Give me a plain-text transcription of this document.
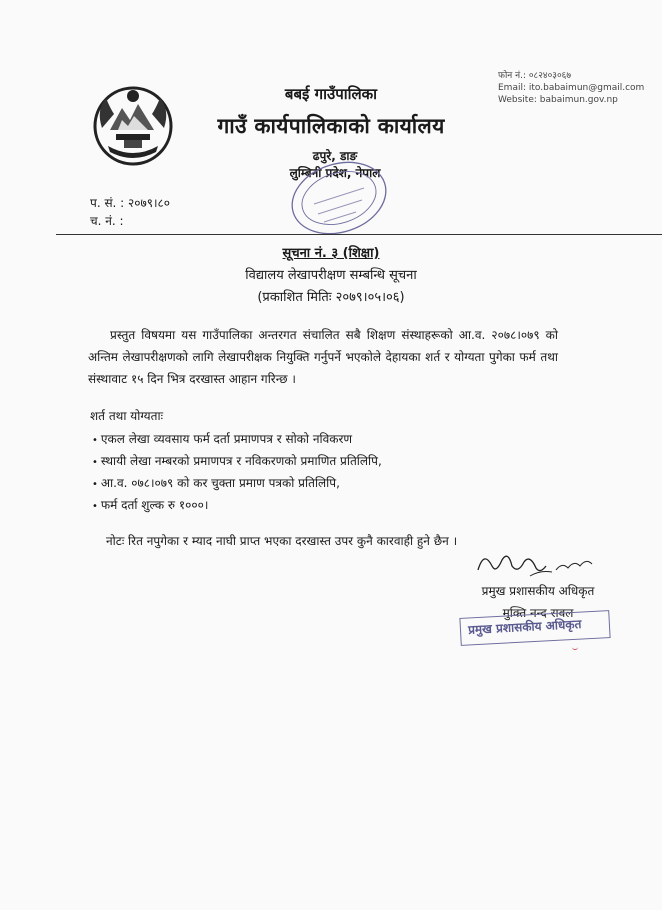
बबई गाउँपालिका
गाउँ कार्यपालिकाको कार्यालय
ढपुरे, डाङ
लुम्बिनी प्रदेश, नेपाल
फोन नं.: ०८२४०३०६७
Email: ito.babaimun@gmail.com
Website: babaimun.gov.np
प. सं. : २०७९।८०
च. नं. :
सूचना नं. ३ (शिक्षा)
विद्यालय लेखापरीक्षण सम्बन्धि सूचना
(प्रकाशित मितिः २०७९।०५।०६)
प्रस्तुत विषयमा यस गाउँपालिका अन्तरगत संचालित सबै शिक्षण संस्थाहरूको आ.व. २०७८।०७९ को अन्तिम लेखापरीक्षणको लागि लेखापरीक्षक नियुक्ति गर्नुपर्ने भएकोले देहायका शर्त र योग्यता पुगेका फर्म तथा संस्थावाट १५ दिन भित्र दरखास्त आहान गरिन्छ ।
शर्त तथा योग्यताः
• एकल लेखा व्यवसाय फर्म दर्ता प्रमाणपत्र र सोको नविकरण
• स्थायी लेखा नम्बरको प्रमाणपत्र र नविकरणको प्रमाणित प्रतिलिपि,
• आ.व. ०७८।०७९ को कर चुक्ता प्रमाण पत्रको प्रतिलिपि,
• फर्म दर्ता शुल्क रु १०००।
नोटः रित नपुगेका र म्याद नाघी प्राप्त भएका दरखास्त उपर कुनै कारवाही हुने छैन ।
प्रमुख प्रशासकीय अधिकृत
मुक्ति नन्द रावल
प्रमुख प्रशासकीय अधिकृत
